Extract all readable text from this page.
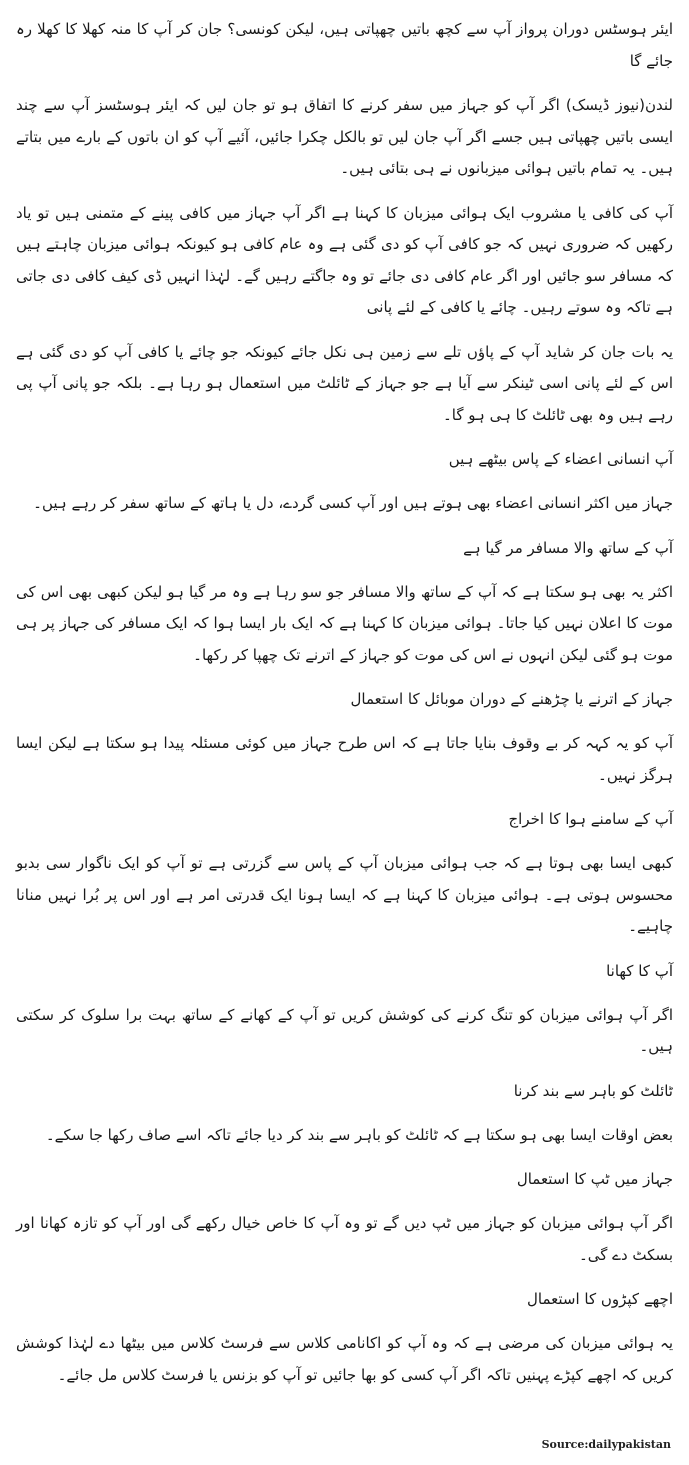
ایئر ہوسٹس دوران پرواز آپ سے کچھ باتیں چھپاتی ہیں، لیکن کونسی؟ جان کر آپ کا منہ کھلا کا کھلا رہ جائے گا

لندن(نیوز ڈیسک) اگر آپ کو جہاز میں سفر کرنے کا اتفاق ہو تو جان لیں کہ ایئر ہوسٹسز آپ سے چند ایسی باتیں چھپاتی ہیں جسے اگر آپ جان لیں تو بالکل چکرا جائیں، آئیے آپ کو ان باتوں کے بارے میں بتاتے ہیں۔ یہ تمام باتیں ہوائی میزبانوں نے ہی بتائی ہیں۔

آپ کی کافی یا مشروب ایک ہوائی میزبان کا کہنا ہے اگر آپ جہاز میں کافی پینے کے متمنی ہیں تو یاد رکھیں کہ ضروری نہیں کہ جو کافی آپ کو دی گئی ہے وہ عام کافی ہو کیونکہ ہوائی میزبان چاہتے ہیں کہ مسافر سو جائیں اور اگر عام کافی دی جائے تو وہ جاگتے رہیں گے۔ لہٰذا انہیں ڈی کیف کافی دی جاتی ہے تاکہ وہ سوتے رہیں۔ چائے یا کافی کے لئے پانی

یہ بات جان کر شاید آپ کے پاﺅں تلے سے زمین ہی نکل جائے کیونکہ جو چائے یا کافی آپ کو دی گئی ہے اس کے لئے پانی اسی ٹینکر سے آیا ہے جو جہاز کے ٹائلٹ میں استعمال ہو رہا ہے۔ بلکہ جو پانی آپ پی رہے ہیں وہ بھی ٹائلٹ کا ہی ہو گا۔

آپ انسانی اعضاء کے پاس بیٹھے ہیں

جہاز میں اکثر انسانی اعضاء بھی ہوتے ہیں اور آپ کسی گردے، دل یا ہاتھ کے ساتھ سفر کر رہے ہیں۔

آپ کے ساتھ والا مسافر مر گیا ہے

اکثر یہ بھی ہو سکتا ہے کہ آپ کے ساتھ والا مسافر جو سو رہا ہے وہ مر گیا ہو لیکن کبھی بھی اس کی موت کا اعلان نہیں کیا جاتا۔ ہوائی میزبان کا کہنا ہے کہ ایک بار ایسا ہوا کہ ایک مسافر کی جہاز پر ہی موت ہو گئی لیکن انہوں نے اس کی موت کو جہاز کے اترنے تک چھپا کر رکھا۔

جہاز کے اترنے یا چڑھنے کے دوران موبائل کا استعمال

آپ کو یہ کہہ کر بے وقوف بنایا جاتا ہے کہ اس طرح جہاز میں کوئی مسئلہ پیدا ہو سکتا ہے لیکن ایسا ہرگز نہیں۔

آپ کے سامنے ہوا کا اخراج

کبھی ایسا بھی ہوتا ہے کہ جب ہوائی میزبان آپ کے پاس سے گزرتی ہے تو آپ کو ایک ناگوار سی بدبو محسوس ہوتی ہے۔ ہوائی میزبان کا کہنا ہے کہ ایسا ہونا ایک قدرتی امر ہے اور اس پر بُرا نہیں منانا چاہیے۔

آپ کا کھانا

اگر آپ ہوائی میزبان کو تنگ کرنے کی کوشش کریں تو آپ کے کھانے کے ساتھ بہت برا سلوک کر سکتی ہیں۔

ٹائلٹ کو باہر سے بند کرنا

بعض اوقات ایسا بھی ہو سکتا ہے کہ ٹائلٹ کو باہر سے بند کر دیا جائے تاکہ اسے صاف رکھا جا سکے۔

جہاز میں ٹپ کا استعمال

اگر آپ ہوائی میزبان کو جہاز میں ٹپ دیں گے تو وہ آپ کا خاص خیال رکھے گی اور آپ کو تازہ کھانا اور بسکٹ دے گی۔

اچھے کپڑوں کا استعمال

یہ ہوائی میزبان کی مرضی ہے کہ وہ آپ کو اکانامی کلاس سے فرسٹ کلاس میں بیٹھا دے لہٰذا کوشش کریں کہ اچھے کپڑے پہنیں تاکہ اگر آپ کسی کو بھا جائیں تو آپ کو بزنس یا فرسٹ کلاس مل جائے۔

Source:dailypakistan
